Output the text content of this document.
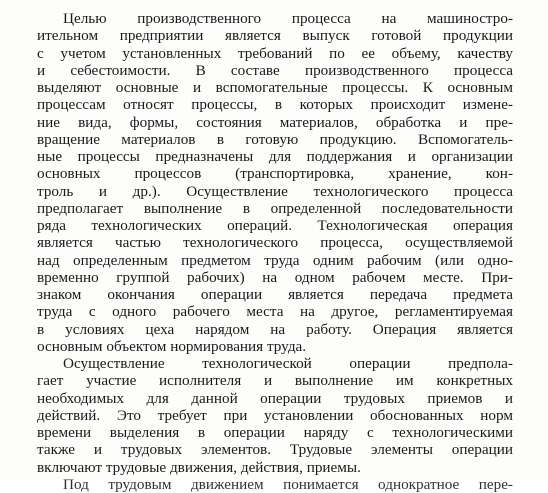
Целью производственного процесса на машиностро-
ительном предприятии является выпуск готовой продукции
с учетом установленных требований по ее объему, качеству
и себестоимости. В составе производственного процесса
выделяют основные и вспомогательные процессы. К основным
процессам относят процессы, в которых происходит измене-
ние вида, формы, состояния материалов, обработка и пре-
вращение материалов в готовую продукцию. Вспомогатель-
ные процессы предназначены для поддержания и организации
основных процессов (транспортировка, хранение, кон-
троль и др.). Осуществление технологического процесса
предполагает выполнение в определенной последовательности
ряда технологических операций. Технологическая операция
является частью технологического процесса, осуществляемой
над определенным предметом труда одним рабочим (или одно-
временно группой рабочих) на одном рабочем месте. При-
знаком окончания операции является передача предмета
труда с одного рабочего места на другое, регламентируемая
в условиях цеха нарядом на работу. Операция является
основным объектом нормирования труда.
Осуществление технологической операции предпола-
гает участие исполнителя и выполнение им конкретных
необходимых для данной операции трудовых приемов и
действий. Это требует при установлении обоснованных норм
времени выделения в операции наряду с технологическими
также и трудовых элементов. Трудовые элементы операции
включают трудовые движения, действия, приемы.
Под трудовым движением понимается однократное пере-
